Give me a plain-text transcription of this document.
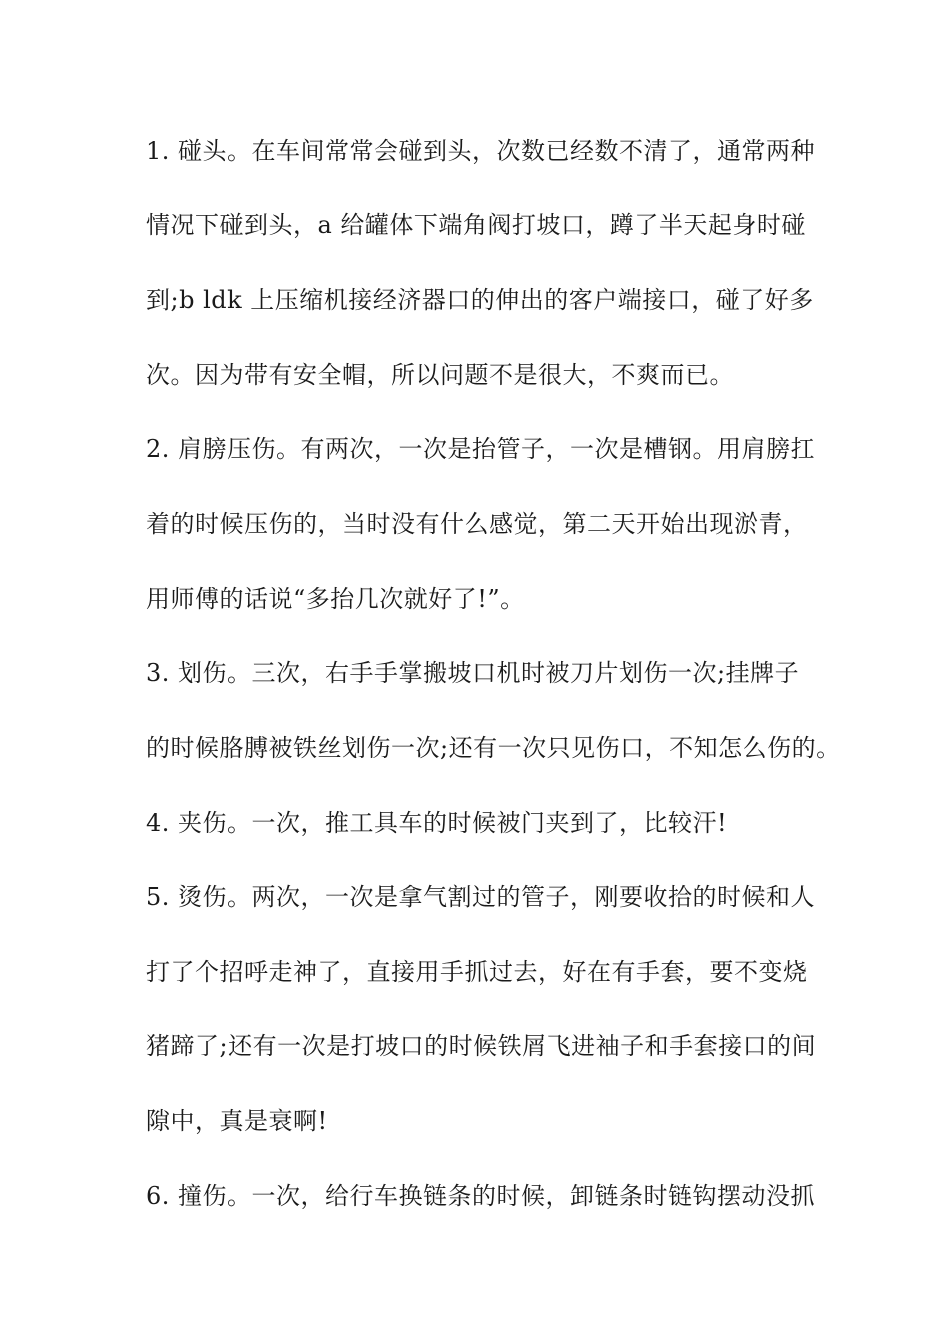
1. 碰头。在车间常常会碰到头，次数已经数不清了，通常两种
情况下碰到头，a 给罐体下端角阀打坡口，蹲了半天起身时碰
到;b ldk 上压缩机接经济器口的伸出的客户端接口，碰了好多
次。因为带有安全帽，所以问题不是很大，不爽而已。
2. 肩膀压伤。有两次，一次是抬管子，一次是槽钢。用肩膀扛
着的时候压伤的，当时没有什么感觉，第二天开始出现淤青，
用师傅的话说“多抬几次就好了!”。
3. 划伤。三次，右手手掌搬坡口机时被刀片划伤一次;挂牌子
的时候胳膊被铁丝划伤一次;还有一次只见伤口，不知怎么伤的。
4. 夹伤。一次，推工具车的时候被门夹到了，比较汗!
5. 烫伤。两次，一次是拿气割过的管子，刚要收拾的时候和人
打了个招呼走神了，直接用手抓过去，好在有手套，要不变烧
猪蹄了;还有一次是打坡口的时候铁屑飞进袖子和手套接口的间
隙中，真是衰啊!
6. 撞伤。一次，给行车换链条的时候，卸链条时链钩摆动没抓
